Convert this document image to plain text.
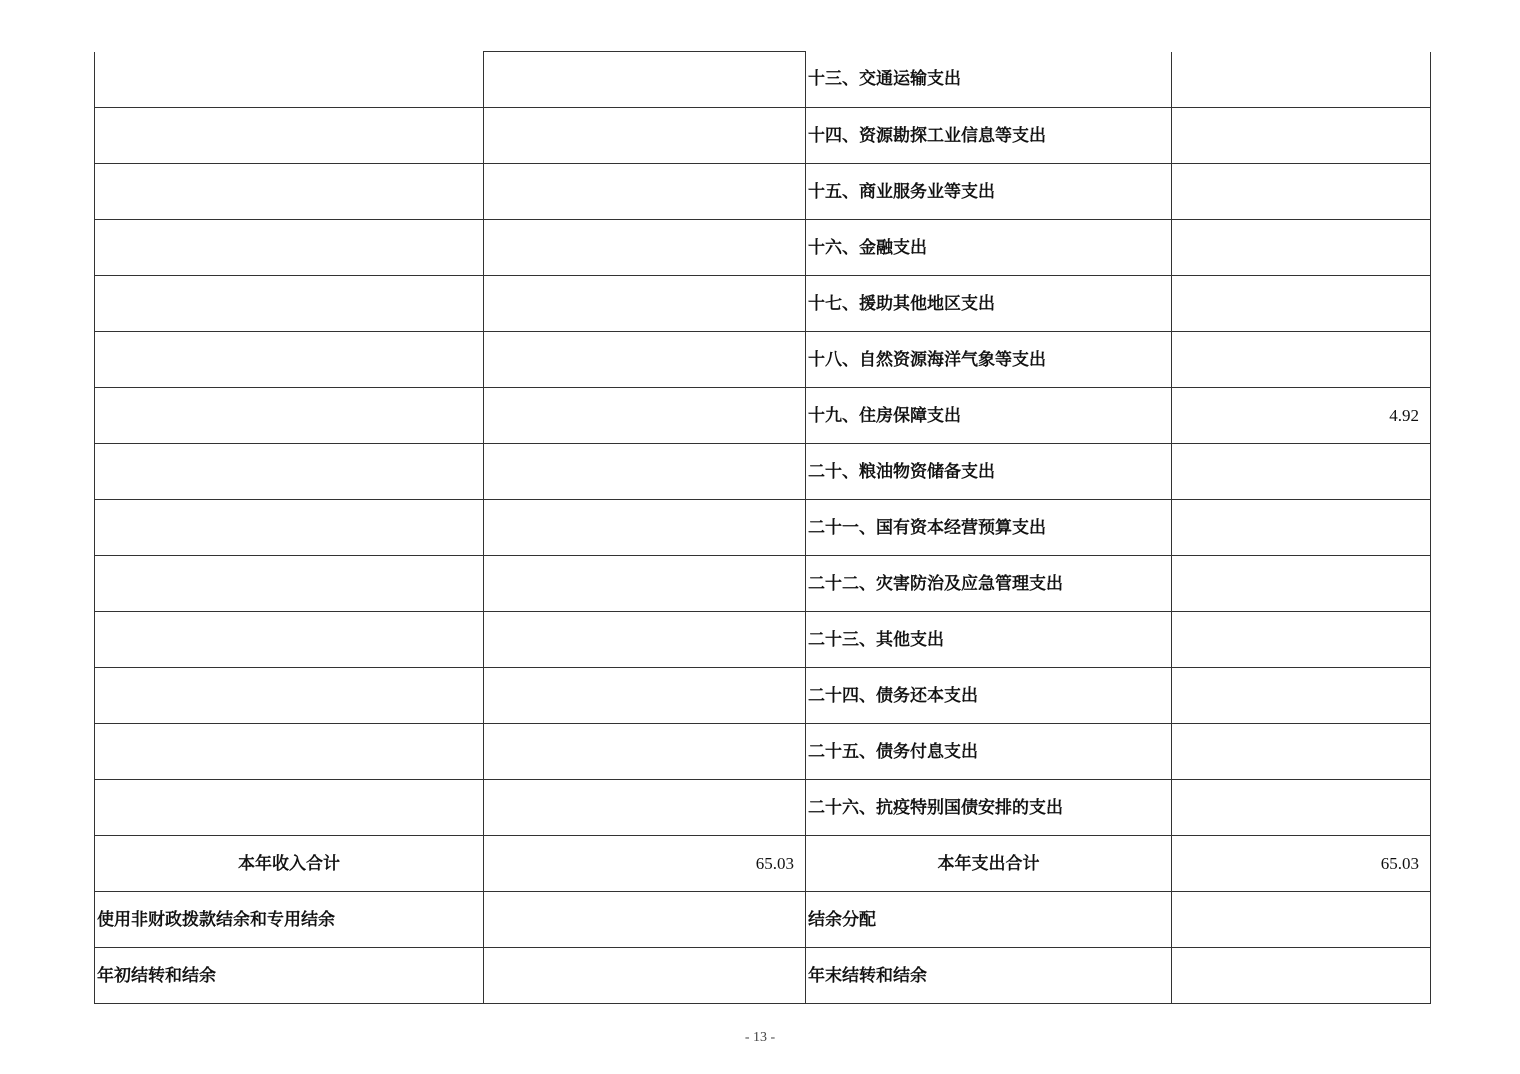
		十三、交通运输支出	
		十四、资源勘探工业信息等支出	
		十五、商业服务业等支出	
		十六、金融支出	
		十七、援助其他地区支出	
		十八、自然资源海洋气象等支出	
		十九、住房保障支出	4.92
		二十、粮油物资储备支出	
		二十一、国有资本经营预算支出	
		二十二、灾害防治及应急管理支出	
		二十三、其他支出	
		二十四、债务还本支出	
		二十五、债务付息支出	
		二十六、抗疫特别国债安排的支出	
本年收入合计	65.03	本年支出合计	65.03
使用非财政拨款结余和专用结余		结余分配	
年初结转和结余		年末结转和结余	
- 13 -
